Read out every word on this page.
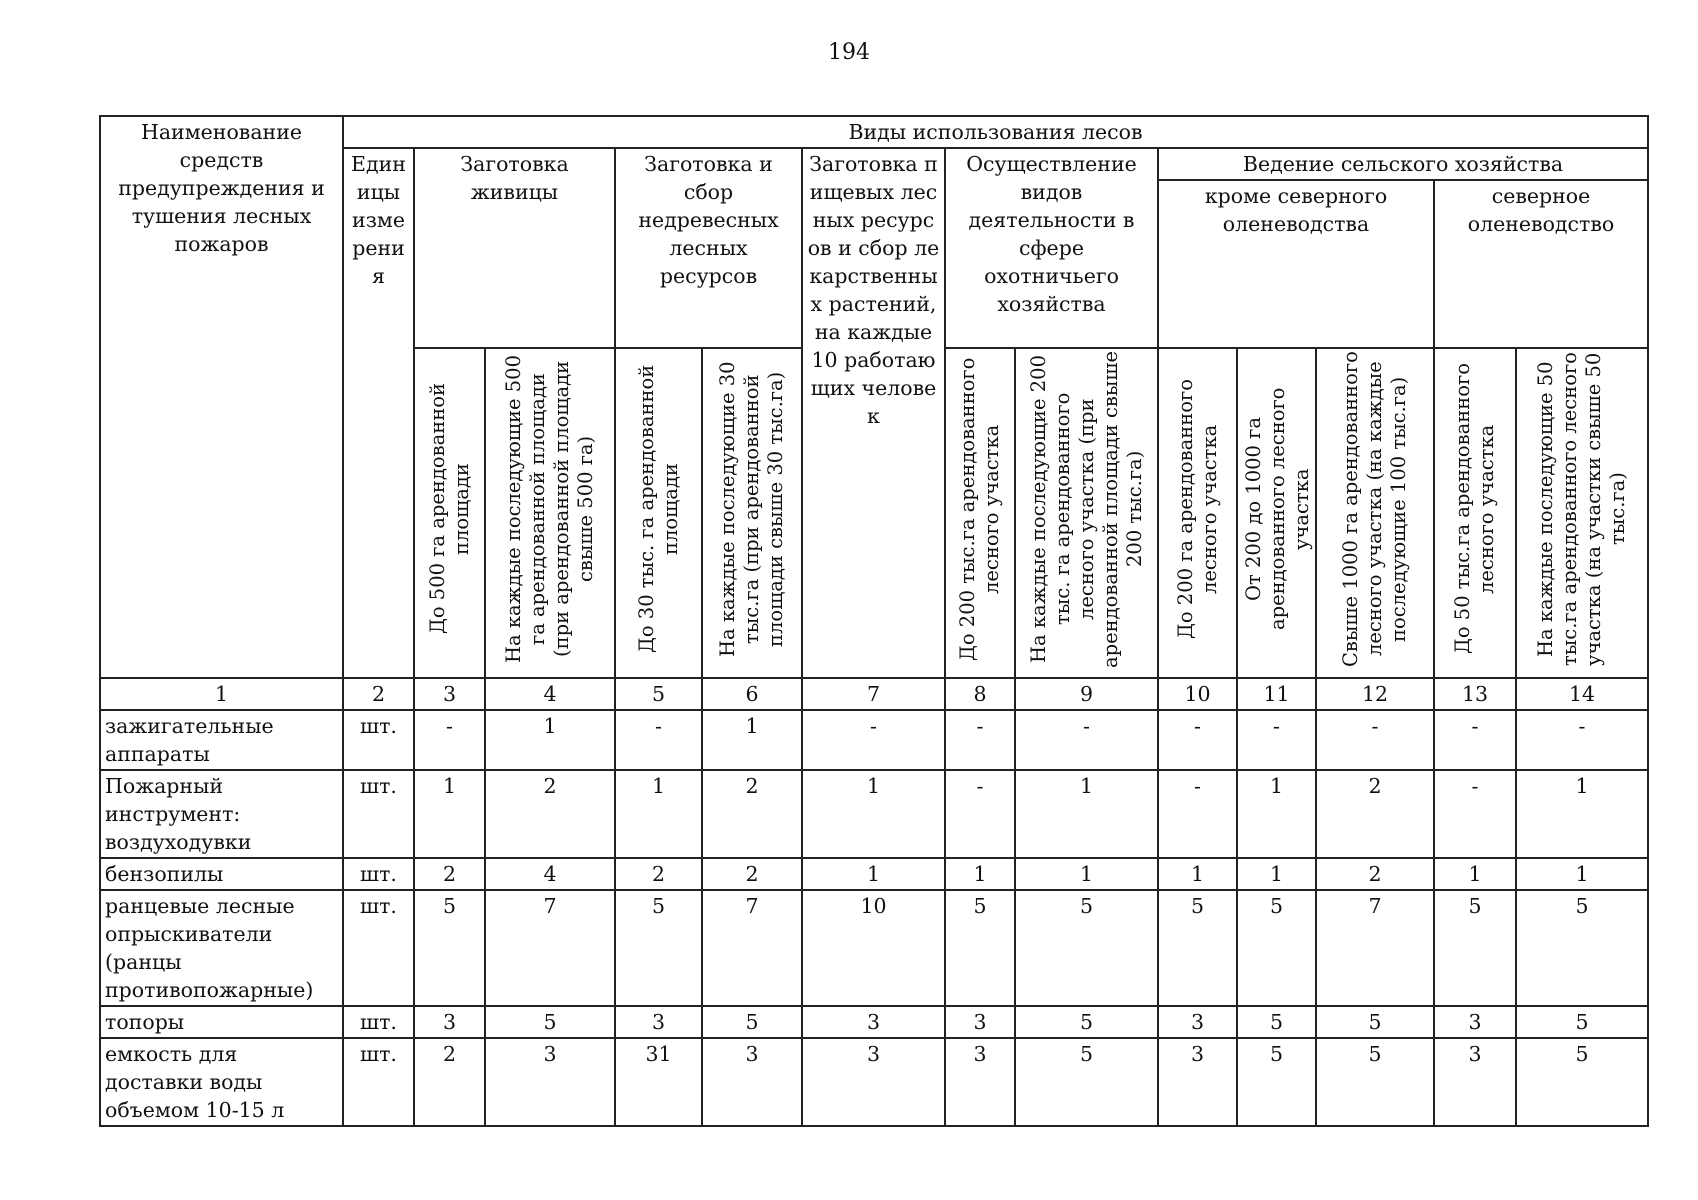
194
Наименование средств предупреждения и тушения лесных пожаров	Виды использования лесов												
	Единицы измерения	Заготовка живицы		Заготовка и сбор недревесных лесных ресурсов		Заготовка пищевых лесных ресурсов и сбор лекарственных растений, на каждые 10 работающих человек	Осуществление видов деятельности в сфере охотничьего хозяйства		Ведение сельского хозяйства				
									кроме северного оленеводства			северное оленеводство	

		До 500 га арендованной площади	На каждые последующие 500 га арендованной площади (при арендованной площади свыше 500 га)	До 30 тыс. га арендованной площади	На каждые последующие 30 тыс.га (при арендованной площади свыше 30 тыс.га)		До 200 тыс.га арендованного лесного участка	На каждые последующие 200 тыс. га арендованного лесного участка (при арендованной площади свыше 200 тыс.га)	До 200 га арендованного лесного участка	От 200 до 1000 га арендованного лесного участка	Свыше 1000 га арендованного лесного участка (на каждые последующие 100 тыс.га)	До 50 тыс.га арендованного лесного участка	На каждые последующие 50 тыс.га арендованного лесного участка (на участки свыше 50 тыс.га)

1	2	3	4	5	6	7	8	9	10	11	12	13	14
зажигательные аппараты	шт.	-	1	-	1	-	-	-	-	-	-	-	-
Пожарный инструмент: воздуходувки	шт.	1	2	1	2	1	-	1	-	1	2	-	1
бензопилы	шт.	2	4	2	2	1	1	1	1	1	2	1	1
ранцевые лесные опрыскиватели (ранцы противопожарные)	шт.	5	7	5	7	10	5	5	5	5	7	5	5
топоры	шт.	3	5	3	5	3	3	5	3	5	5	3	5
емкость для доставки воды объемом 10-15 л	шт.	2	3	31	3	3	3	5	3	5	5	3	5
